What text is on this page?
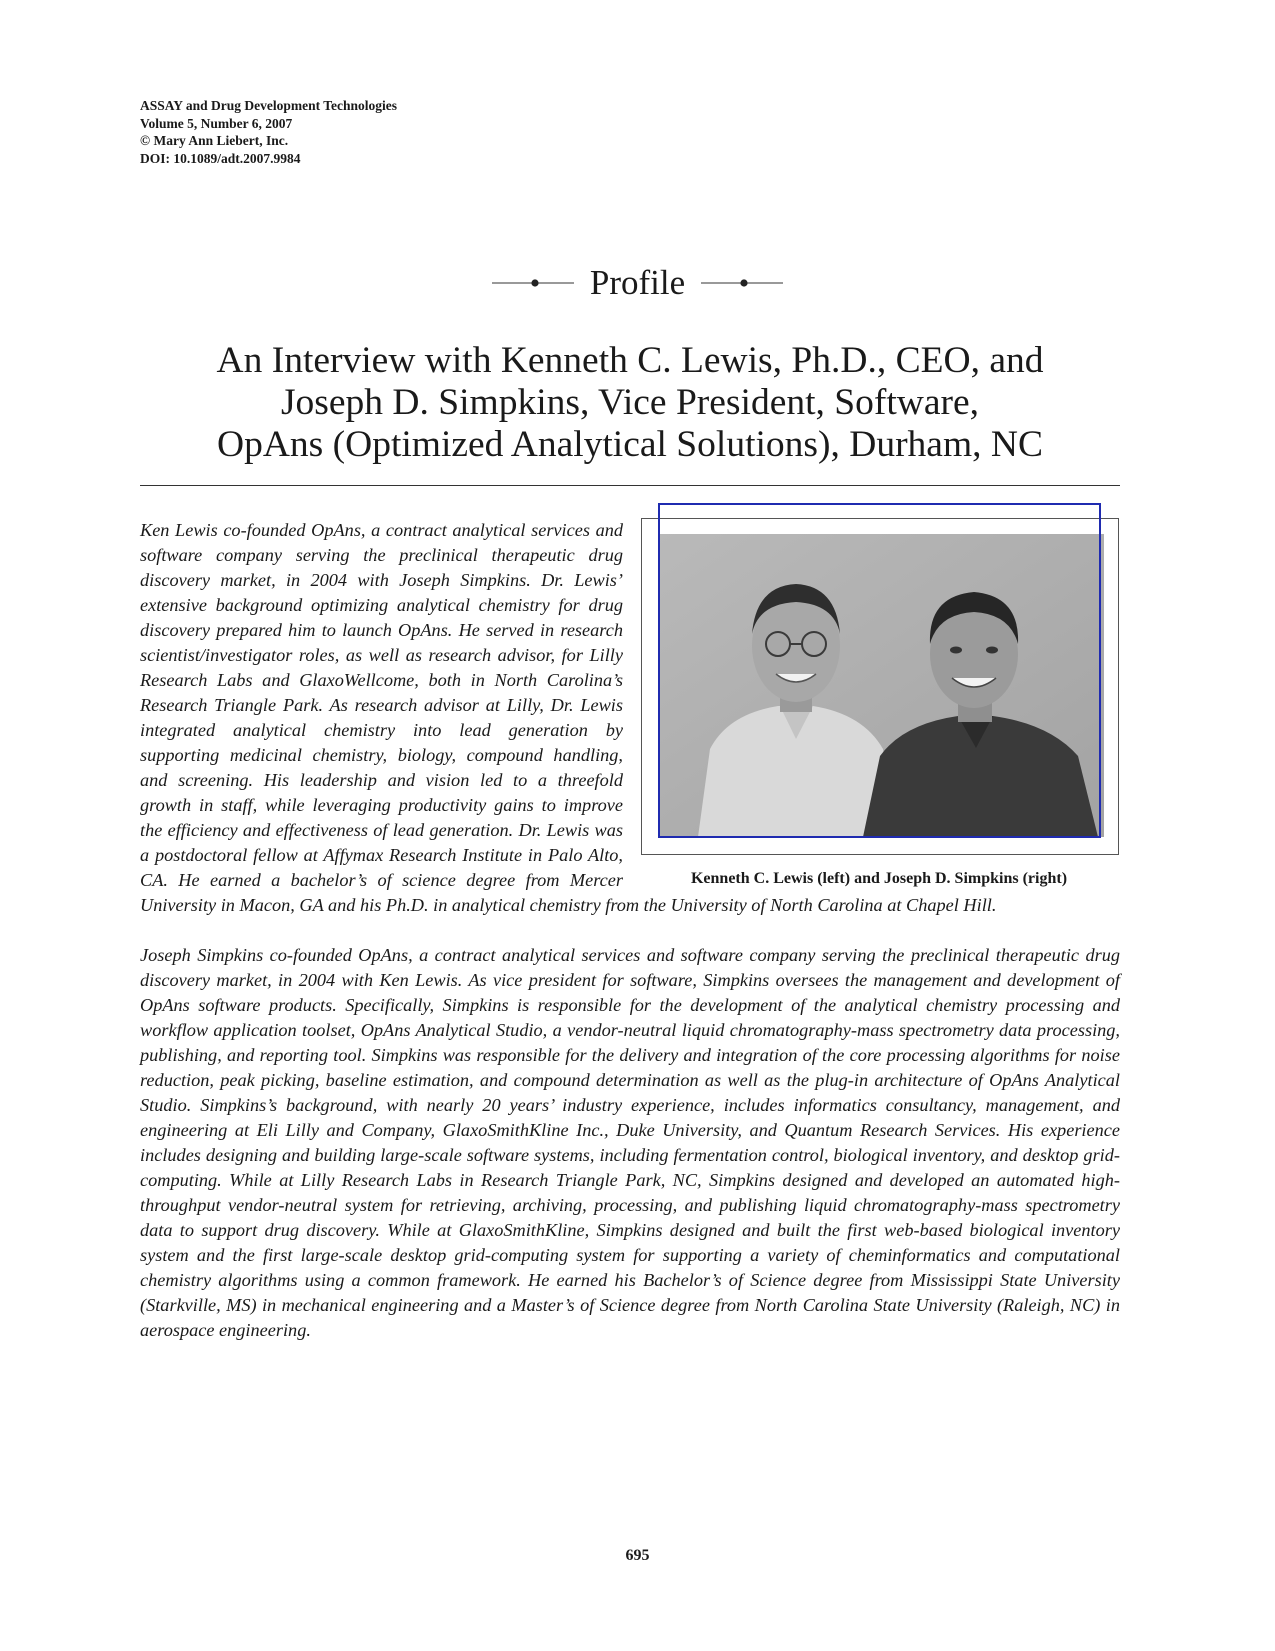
ASSAY and Drug Development Technologies
Volume 5, Number 6, 2007
© Mary Ann Liebert, Inc.
DOI: 10.1089/adt.2007.9984
Profile
An Interview with Kenneth C. Lewis, Ph.D., CEO, and
Joseph D. Simpkins, Vice President, Software,
OpAns (Optimized Analytical Solutions), Durham, NC
Kenneth C. Lewis (left) and Joseph D. Simpkins (right)

Ken Lewis co-founded OpAns, a contract analytical services and software company serving the preclinical therapeutic drug discovery market, in 2004 with Joseph Simpkins. Dr. Lewis’ extensive background optimizing analytical chemistry for drug discovery prepared him to launch OpAns. He served in research scientist/investigator roles, as well as research advisor, for Lilly Research Labs and GlaxoWellcome, both in North Carolina’s Research Triangle Park. As research advisor at Lilly, Dr. Lewis integrated analytical chemistry into lead generation by supporting medicinal chemistry, biology, compound handling, and screening. His leadership and vision led to a threefold growth in staff, while leveraging productivity gains to improve the efficiency and effectiveness of lead generation. Dr. Lewis was a postdoctoral fellow at Affymax Research Institute in Palo Alto, CA. He earned a bachelor’s of science degree from Mercer University in Macon, GA and his Ph.D. in analytical chemistry from the University of North Carolina at Chapel Hill.

Joseph Simpkins co-founded OpAns, a contract analytical services and software company serving the preclinical therapeutic drug discovery market, in 2004 with Ken Lewis. As vice president for software, Simpkins oversees the management and development of OpAns software products. Specifically, Simpkins is responsible for the development of the analytical chemistry processing and workflow application toolset, OpAns Analytical Studio, a vendor-neutral liquid chromatography-mass spectrometry data processing, publishing, and reporting tool. Simpkins was responsible for the delivery and integration of the core processing algorithms for noise reduction, peak picking, baseline estimation, and compound determination as well as the plug-in architecture of OpAns Analytical Studio. Simpkins’s background, with nearly 20 years’ industry experience, includes informatics consultancy, management, and engineering at Eli Lilly and Company, GlaxoSmithKline Inc., Duke University, and Quantum Research Services. His experience includes designing and building large-scale software systems, including fermentation control, biological inventory, and desktop grid-computing. While at Lilly Research Labs in Research Triangle Park, NC, Simpkins designed and developed an automated high-throughput vendor-neutral system for retrieving, archiving, processing, and publishing liquid chromatography-mass spectrometry data to support drug discovery. While at GlaxoSmithKline, Simpkins designed and built the first web-based biological inventory system and the first large-scale desktop grid-computing system for supporting a variety of cheminformatics and computational chemistry algorithms using a common framework. He earned his Bachelor’s of Science degree from Mississippi State University (Starkville, MS) in mechanical engineering and a Master’s of Science degree from North Carolina State University (Raleigh, NC) in aerospace engineering.

695
